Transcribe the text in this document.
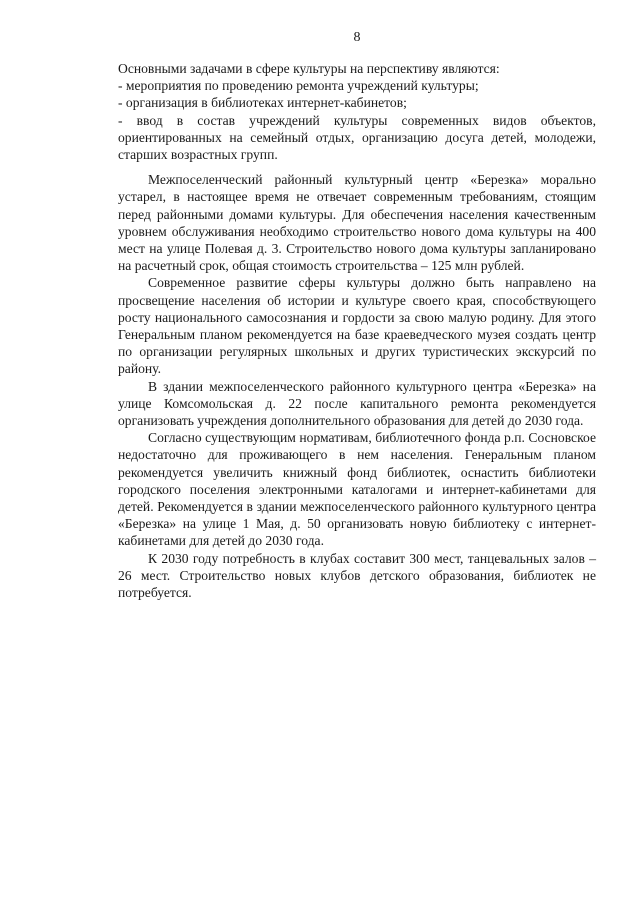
8

Основными задачами в сфере культуры на перспективу являются:

- мероприятия по проведению ремонта учреждений культуры;

- организация в библиотеках интернет-кабинетов;

- ввод в состав учреждений культуры современных видов объектов, ориентированных на семейный отдых, организацию досуга детей, молодежи, старших возрастных групп.

Межпоселенческий районный культурный центр «Березка» морально устарел, в настоящее время не отвечает современным требованиям, стоящим перед районными домами культуры. Для обеспечения населения качественным уровнем обслуживания необходимо строительство нового дома культуры на 400 мест на улице Полевая д. 3. Строительство нового дома культуры запланировано на расчетный срок, общая стоимость строительства – 125 млн рублей.

Современное развитие сферы культуры должно быть направлено на просвещение населения об истории и культуре своего края, способствующего росту национального самосознания и гордости за свою малую родину. Для этого Генеральным планом рекомендуется на базе краеведческого музея создать центр по организации регулярных школьных и других туристических экскурсий по району.

В здании межпоселенческого районного культурного центра «Березка» на улице Комсомольская д. 22 после капитального ремонта рекомендуется организовать учреждения дополнительного образования для детей до 2030 года.

Согласно существующим нормативам, библиотечного фонда р.п. Сосновское недостаточно для проживающего в нем населения. Генеральным планом рекомендуется увеличить книжный фонд библиотек, оснастить библиотеки городского поселения электронными каталогами и интернет-кабинетами для детей. Рекомендуется в здании межпоселенческого районного культурного центра «Березка» на улице 1 Мая, д. 50 организовать новую библиотеку с интернет-кабинетами для детей до 2030 года.

К 2030 году потребность в клубах составит 300 мест, танцевальных залов – 26 мест. Строительство новых клубов детского образования, библиотек не потребуется.
